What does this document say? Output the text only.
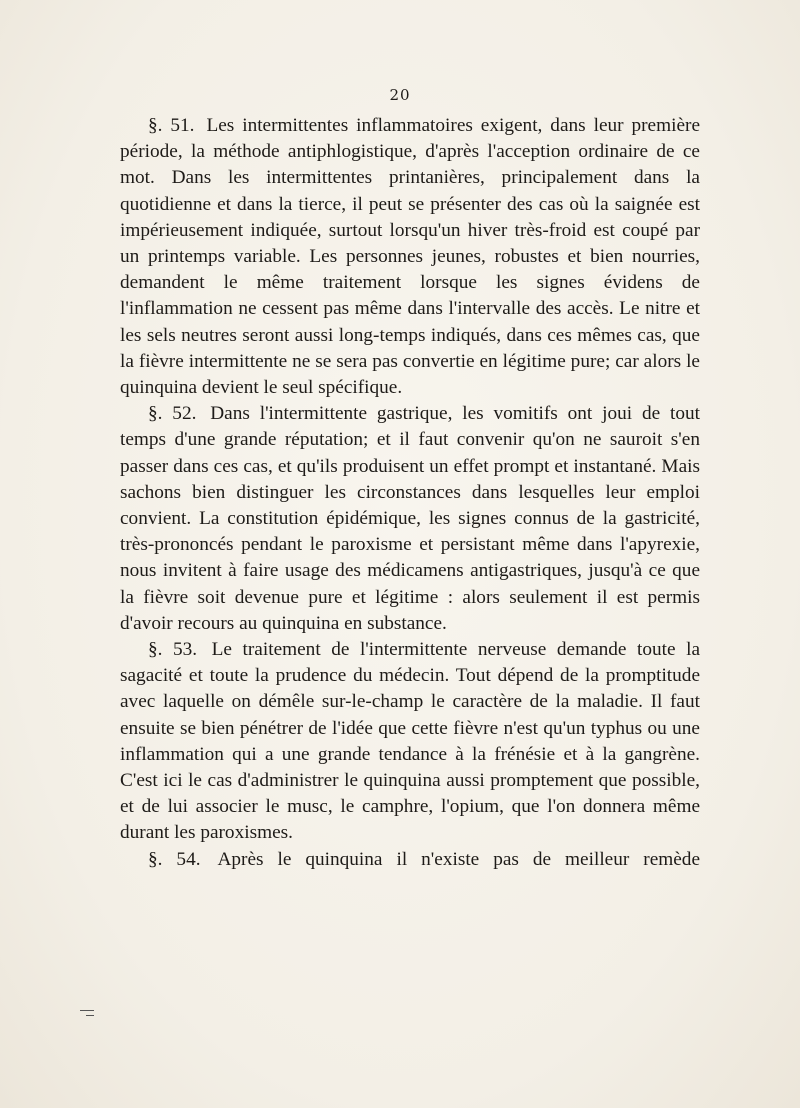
20

§. 51. Les intermittentes inflammatoires exigent, dans leur première période, la méthode antiphlogistique, d'après l'acception ordinaire de ce mot. Dans les intermittentes printanières, principalement dans la quotidienne et dans la tierce, il peut se présenter des cas où la saignée est impérieusement indiquée, surtout lorsqu'un hiver très-froid est coupé par un printemps variable. Les personnes jeunes, robustes et bien nourries, demandent le même traitement lorsque les signes évidens de l'inflammation ne cessent pas même dans l'intervalle des accès. Le nitre et les sels neutres seront aussi long-temps indiqués, dans ces mêmes cas, que la fièvre intermittente ne se sera pas convertie en légitime pure; car alors le quinquina devient le seul spécifique.

§. 52. Dans l'intermittente gastrique, les vomitifs ont joui de tout temps d'une grande réputation; et il faut convenir qu'on ne sauroit s'en passer dans ces cas, et qu'ils produisent un effet prompt et instantané. Mais sachons bien distinguer les circonstances dans lesquelles leur emploi convient. La constitution épidémique, les signes connus de la gastricité, très-prononcés pendant le paroxisme et persistant même dans l'apyrexie, nous invitent à faire usage des médicamens antigastriques, jusqu'à ce que la fièvre soit devenue pure et légitime : alors seulement il est permis d'avoir recours au quinquina en substance.

§. 53. Le traitement de l'intermittente nerveuse demande toute la sagacité et toute la prudence du médecin. Tout dépend de la promptitude avec laquelle on démêle sur-le-champ le caractère de la maladie. Il faut ensuite se bien pénétrer de l'idée que cette fièvre n'est qu'un typhus ou une inflammation qui a une grande tendance à la frénésie et à la gangrène. C'est ici le cas d'administrer le quinquina aussi promptement que possible, et de lui associer le musc, le camphre, l'opium, que l'on donnera même durant les paroxismes.

§. 54. Après le quinquina il n'existe pas de meilleur remède
